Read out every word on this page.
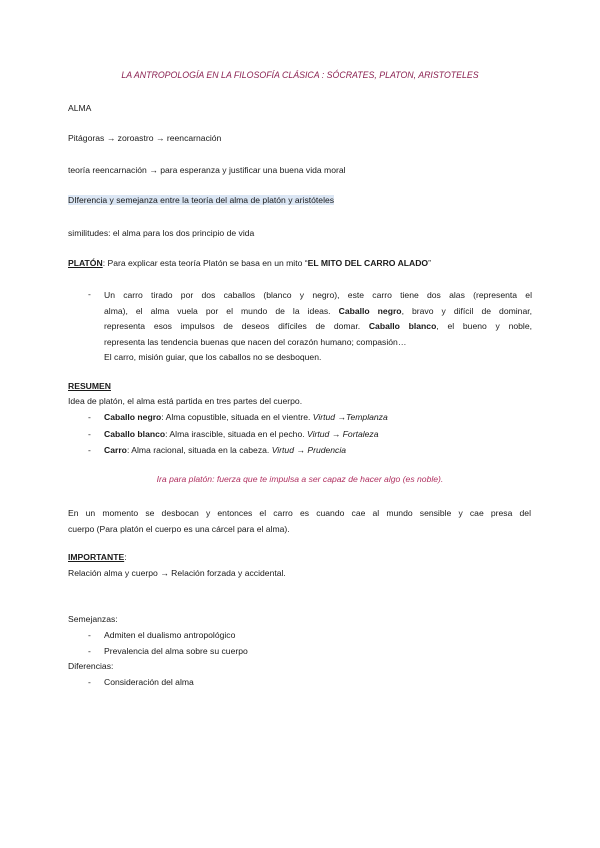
LA ANTROPOLOGÍA EN LA FILOSOFÍA CLÁSICA : SÓCRATES, PLATON, ARISTOTELES
ALMA
Pitágoras → zoroastro → reencarnación
teoría reencarnación → para esperanza y justificar una buena vida moral
DIferencia y semejanza entre la teoría del alma de platón y aristóteles
similitudes: el alma para los dos principio de vida
PLATÓN: Para explicar esta teoría Platón se basa en un mito “EL MITO DEL CARRO ALADO”
-	Un carro tirado por dos caballos (blanco y negro), este carro tiene dos alas (representa el
alma), el alma vuela por el mundo de la ideas. Caballo negro, bravo y difícil de dominar,
representa esos impulsos de deseos difíciles de domar. Caballo blanco, el bueno y noble,
representa las tendencia buenas que nacen del corazón humano; compasión…
El carro, misión guiar, que los caballos no se desboquen.
RESUMEN
Idea de platón, el alma está partida en tres partes del cuerpo.
-	Caballo negro: Alma copustible, situada en el vientre. Virtud →Templanza
-	Caballo blanco: Alma irascible, situada en el pecho. Virtud → Fortaleza
-	Carro: Alma racional, situada en la cabeza. Virtud → Prudencia
Ira para platón: fuerza que te impulsa a ser capaz de hacer algo (es noble).
En un momento se desbocan y entonces el carro es cuando cae al mundo sensible y cae presa del
cuerpo (Para platón el cuerpo es una cárcel para el alma).
IMPORTANTE:
Relación alma y cuerpo → Relación forzada y accidental.
Semejanzas:
-	Admiten el dualismo antropológico
-	Prevalencia del alma sobre su cuerpo
Diferencias:
-	Consideración del alma
